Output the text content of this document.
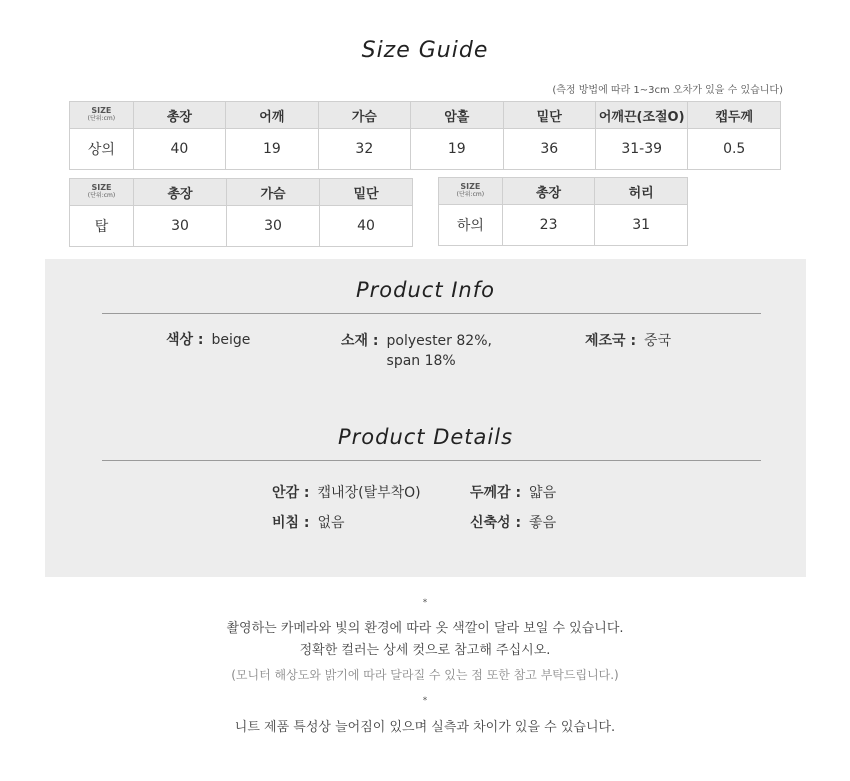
Size Guide
(측정 방법에 따라 1~3cm 오차가 있을 수 있습니다)
SIZE
(단위:cm)	총장	어깨	가슴	암홀	밑단	어깨끈(조절O)	캡두께
상의	40	19	32	19	36	31-39	0.5
SIZE
(단위:cm)	총장	가슴	밑단
탑	30	30	40
SIZE
(단위:cm)	총장	허리
하의	23	31
Product Info
색상 : beige	소재 : polyester 82%,
span 18%
제조국 : 중국
Product Details
안감 : 캡내장(탈부착O)	두께감 : 얇음
비침 : 없음	신축성 : 좋음
*
촬영하는 카메라와 빛의 환경에 따라 옷 색깔이 달라 보일 수 있습니다.
정확한 컬러는 상세 컷으로 참고해 주십시오.
(모니터 해상도와 밝기에 따라 달라질 수 있는 점 또한 참고 부탁드립니다.)
*
니트 제품 특성상 늘어짐이 있으며 실측과 차이가 있을 수 있습니다.
